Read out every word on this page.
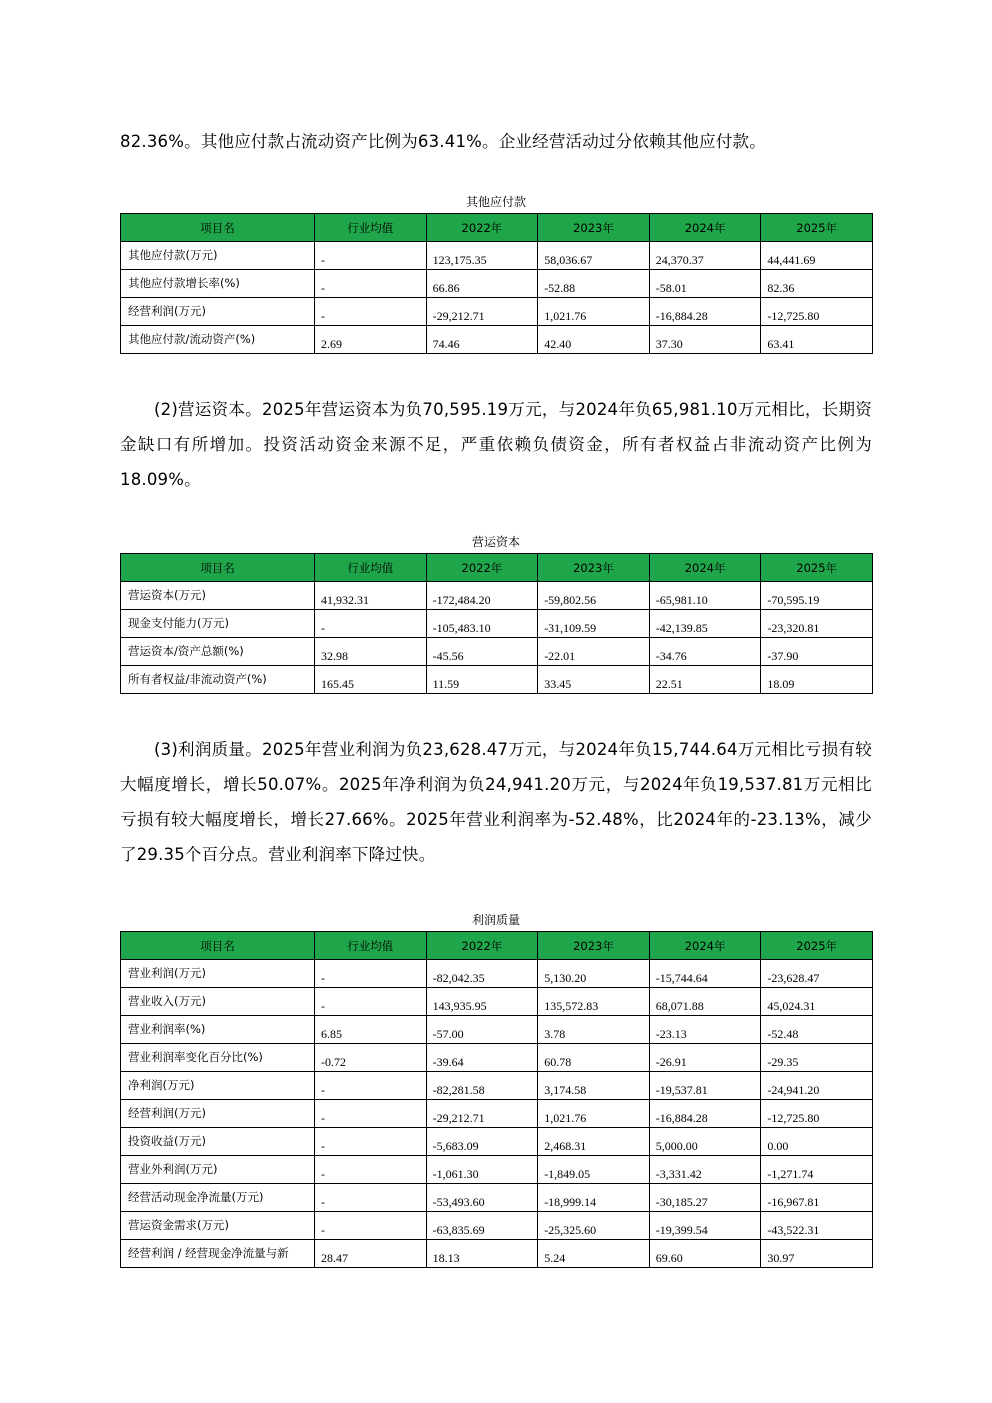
82.36%。其他应付款占流动资产比例为63.41%。企业经营活动过分依赖其他应付款。

其他应付款
项目名	行业均值	2022年	2023年	2024年	2025年
其他应付款(万元)	-	123,175.35	58,036.67	24,370.37	44,441.69
其他应付款增长率(%)	-	66.86	-52.88	-58.01	82.36
经营利润(万元)	-	-29,212.71	1,021.76	-16,884.28	-12,725.80
其他应付款/流动资产(%)	2.69	74.46	42.40	37.30	63.41

(2)营运资本。2025年营运资本为负70,595.19万元，与2024年负65,981.10万元相比，长期资金缺口有所增加。投资活动资金来源不足，严重依赖负债资金，所有者权益占非流动资产比例为18.09%。

营运资本
项目名	行业均值	2022年	2023年	2024年	2025年
营运资本(万元)	41,932.31	-172,484.20	-59,802.56	-65,981.10	-70,595.19
现金支付能力(万元)	-	-105,483.10	-31,109.59	-42,139.85	-23,320.81
营运资本/资产总额(%)	32.98	-45.56	-22.01	-34.76	-37.90
所有者权益/非流动资产(%)	165.45	11.59	33.45	22.51	18.09

(3)利润质量。2025年营业利润为负23,628.47万元，与2024年负15,744.64万元相比亏损有较大幅度增长，增长50.07%。2025年净利润为负24,941.20万元，与2024年负19,537.81万元相比亏损有较大幅度增长，增长27.66%。2025年营业利润率为-52.48%，比2024年的-23.13%，减少了29.35个百分点。营业利润率下降过快。

利润质量
项目名	行业均值	2022年	2023年	2024年	2025年
营业利润(万元)	-	-82,042.35	5,130.20	-15,744.64	-23,628.47
营业收入(万元)	-	143,935.95	135,572.83	68,071.88	45,024.31
营业利润率(%)	6.85	-57.00	3.78	-23.13	-52.48
营业利润率变化百分比(%)	-0.72	-39.64	60.78	-26.91	-29.35
净利润(万元)	-	-82,281.58	3,174.58	-19,537.81	-24,941.20
经营利润(万元)	-	-29,212.71	1,021.76	-16,884.28	-12,725.80
投资收益(万元)	-	-5,683.09	2,468.31	5,000.00	0.00
营业外利润(万元)	-	-1,061.30	-1,849.05	-3,331.42	-1,271.74
经营活动现金净流量(万元)	-	-53,493.60	-18,999.14	-30,185.27	-16,967.81
营运资金需求(万元)	-	-63,835.69	-25,325.60	-19,399.54	-43,522.31
经营利润 / 经营现金净流量与新	28.47	18.13	5.24	69.60	30.97
